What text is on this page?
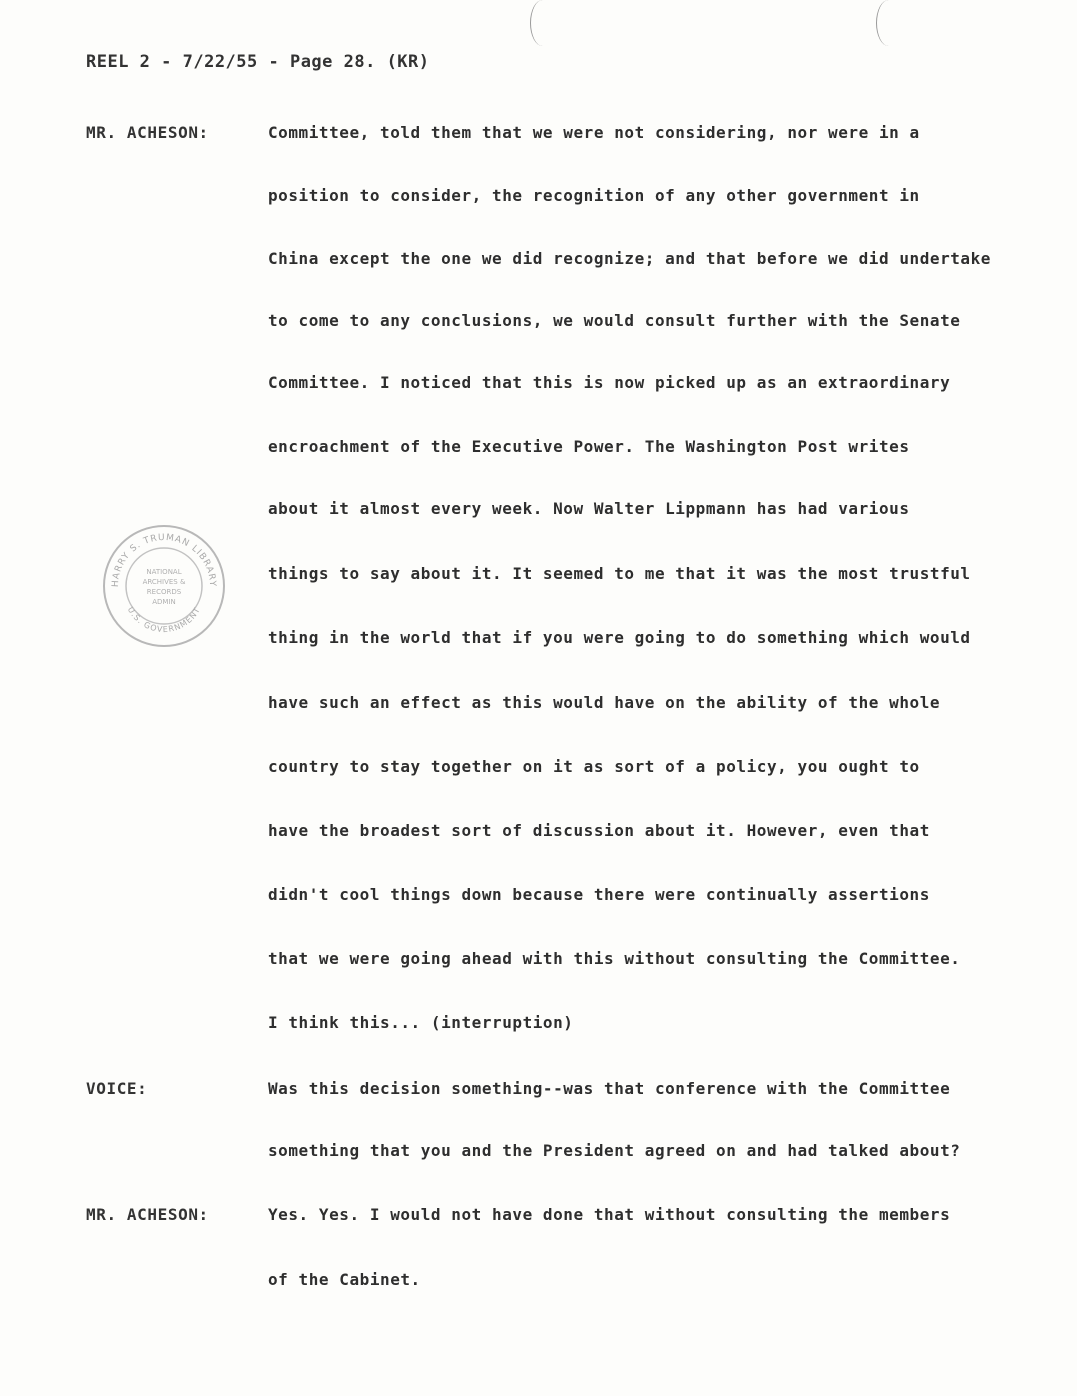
REEL 2 - 7/22/55 - Page 28. (KR)
MR. ACHESON:	Committee, told them that we were not considering, nor were in a
position to consider, the recognition of any other government in
China except the one we did recognize; and that before we did undertake
to come to any conclusions, we would consult further with the Senate
Committee. I noticed that this is now picked up as an extraordinary
encroachment of the Executive Power. The Washington Post writes
about it almost every week. Now Walter Lippmann has had various
things to say about it. It seemed to me that it was the most trustful
thing in the world that if you were going to do something which would
have such an effect as this would have on the ability of the whole
country to stay together on it as sort of a policy, you ought to
have the broadest sort of discussion about it. However, even that
didn't cool things down because there were continually assertions
that we were going ahead with this without consulting the Committee.
I think this... (interruption)
VOICE:	Was this decision something--was that conference with the Committee
something that you and the President agreed on and had talked about?
MR. ACHESON:	Yes. Yes. I would not have done that without consulting the members
of the Cabinet.
HARRY S. TRUMAN LIBRARY
U.S. GOVERNMENT
NATIONAL
ARCHIVES &
RECORDS
ADMIN
